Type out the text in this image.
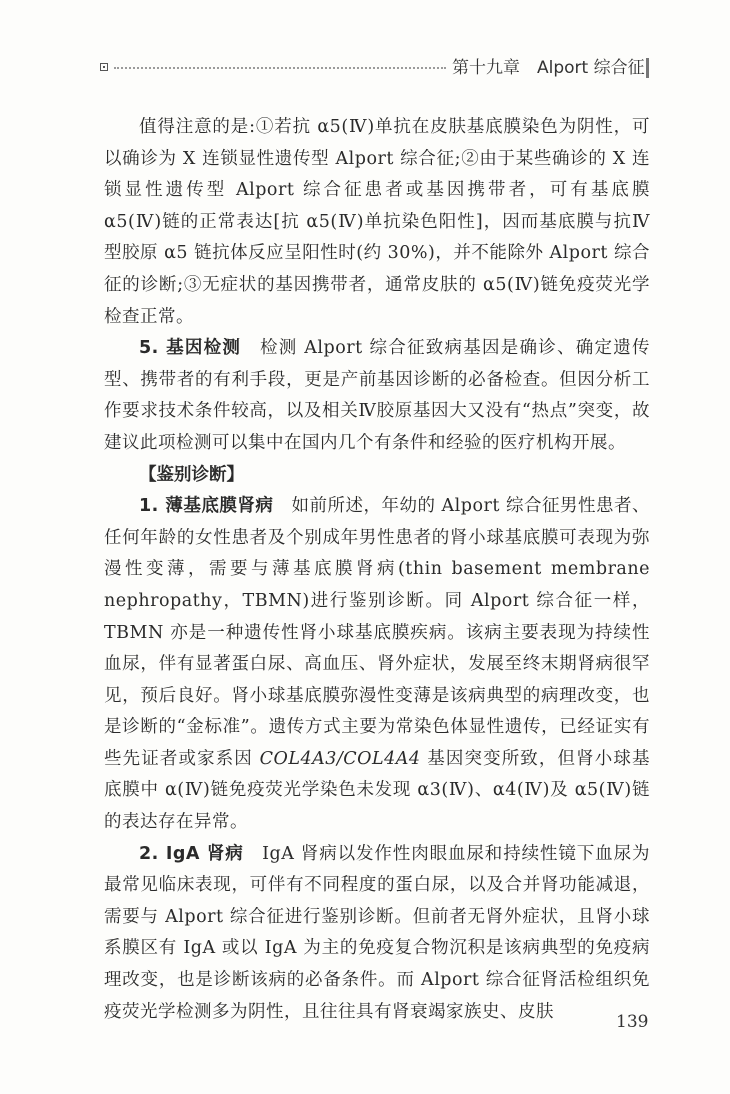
第十九章　Alport 综合征

值得注意的是:①若抗 α5(Ⅳ)单抗在皮肤基底膜染色为阴性，可以确诊为 X 连锁显性遗传型 Alport 综合征;②由于某些确诊的 X 连锁显性遗传型 Alport 综合征患者或基因携带者，可有基底膜 α5(Ⅳ)链的正常表达[抗 α5(Ⅳ)单抗染色阳性]，因而基底膜与抗Ⅳ型胶原 α5 链抗体反应呈阳性时(约 30%)，并不能除外 Alport 综合征的诊断;③无症状的基因携带者，通常皮肤的 α5(Ⅳ)链免疫荧光学检查正常。

5. 基因检测　检测 Alport 综合征致病基因是确诊、确定遗传型、携带者的有利手段，更是产前基因诊断的必备检查。但因分析工作要求技术条件较高，以及相关Ⅳ胶原基因大又没有“热点”突变，故建议此项检测可以集中在国内几个有条件和经验的医疗机构开展。

【鉴别诊断】

1. 薄基底膜肾病　如前所述，年幼的 Alport 综合征男性患者、任何年龄的女性患者及个别成年男性患者的肾小球基底膜可表现为弥漫性变薄，需要与薄基底膜肾病(thin basement membrane nephropathy，TBMN)进行鉴别诊断。同 Alport 综合征一样，TBMN 亦是一种遗传性肾小球基底膜疾病。该病主要表现为持续性血尿，伴有显著蛋白尿、高血压、肾外症状，发展至终末期肾病很罕见，预后良好。肾小球基底膜弥漫性变薄是该病典型的病理改变，也是诊断的“金标准”。遗传方式主要为常染色体显性遗传，已经证实有些先证者或家系因 COL4A3/COL4A4 基因突变所致，但肾小球基底膜中 α(Ⅳ)链免疫荧光学染色未发现 α3(Ⅳ)、α4(Ⅳ)及 α5(Ⅳ)链的表达存在异常。

2. IgA 肾病　IgA 肾病以发作性肉眼血尿和持续性镜下血尿为最常见临床表现，可伴有不同程度的蛋白尿，以及合并肾功能减退，需要与 Alport 综合征进行鉴别诊断。但前者无肾外症状，且肾小球系膜区有 IgA 或以 IgA 为主的免疫复合物沉积是该病典型的免疫病理改变，也是诊断该病的必备条件。而 Alport 综合征肾活检组织免疫荧光学检测多为阴性，且往往具有肾衰竭家族史、皮肤

139
